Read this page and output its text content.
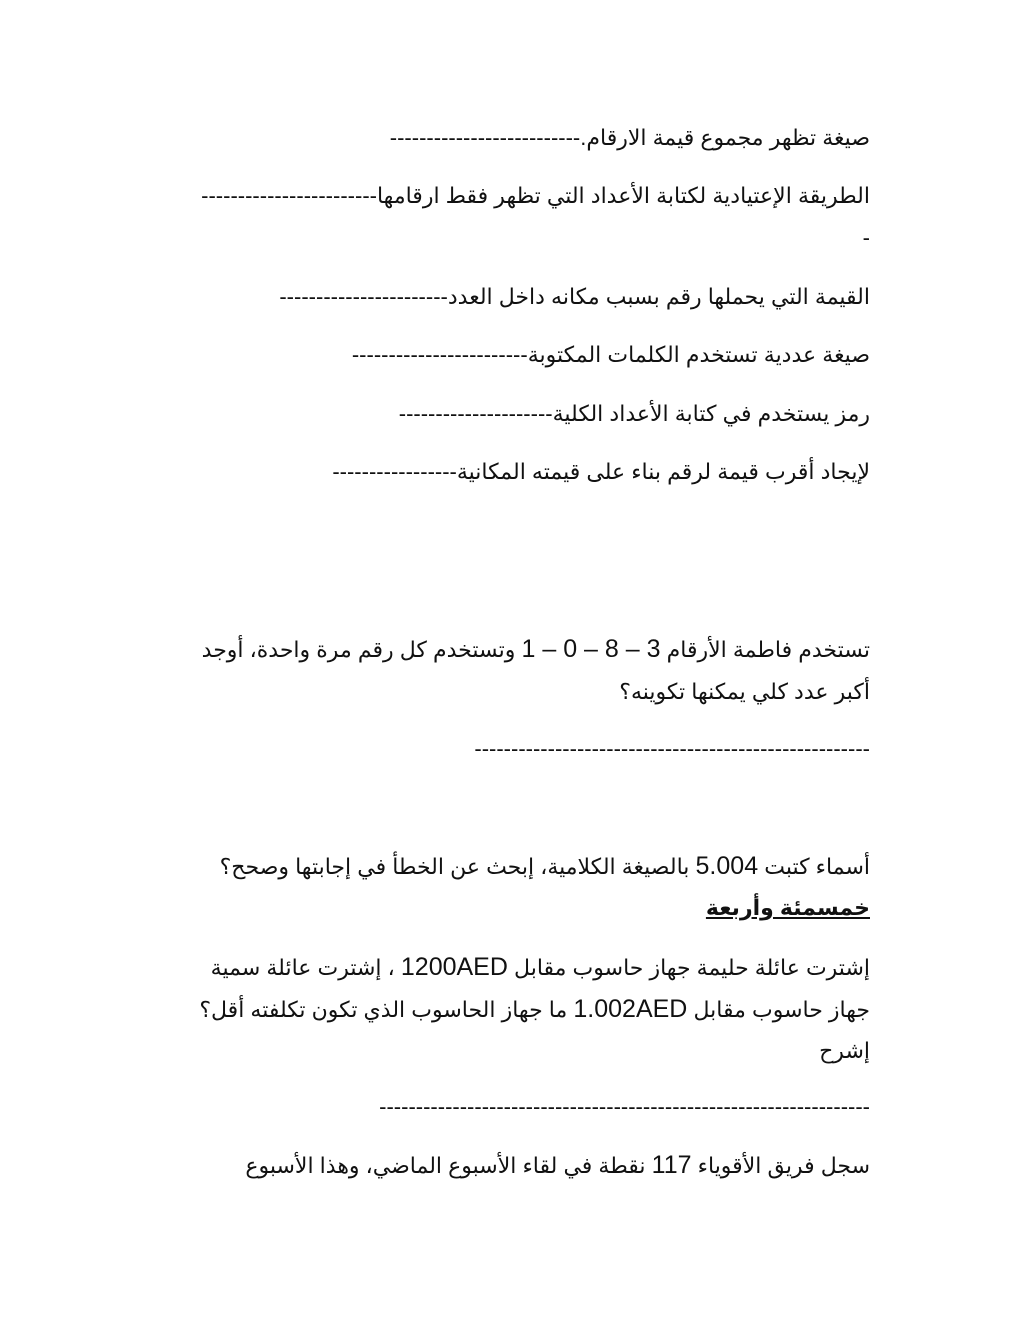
صيغة تظهر مجموع قيمة الارقام.--------------------------
الطريقة الإعتيادية لكتابة الأعداد التي تظهر فقط ارقامها------------------------
-
القيمة التي يحملها رقم بسبب مكانه داخل العدد-----------------------
صيغة عددية تستخدم الكلمات المكتوبة------------------------
رمز يستخدم في كتابة الأعداد الكلية---------------------
لإيجاد أقرب قيمة لرقم بناء على قيمته المكانية-----------------
تستخدم فاطمة الأرقام 1 – 0 – 8 – 3 وتستخدم كل رقم مرة واحدة، أوجد
أكبر عدد كلي يمكنها تكوينه؟
------------------------------------------------------
أسماء كتبت 5.004 بالصيغة الكلامية، إبحث عن الخطأ في إجابتها وصحح؟
خمسمئة وأربعة
إشترت عائلة حليمة جهاز حاسوب مقابل 1200AED ، إشترت عائلة سمية
جهاز حاسوب مقابل 1.002AED ما جهاز الحاسوب الذي تكون تكلفته أقل؟
إشرح
-------------------------------------------------------------------
سجل فريق الأقوياء 117 نقطة في لقاء الأسبوع الماضي، وهذا الأسبوع
